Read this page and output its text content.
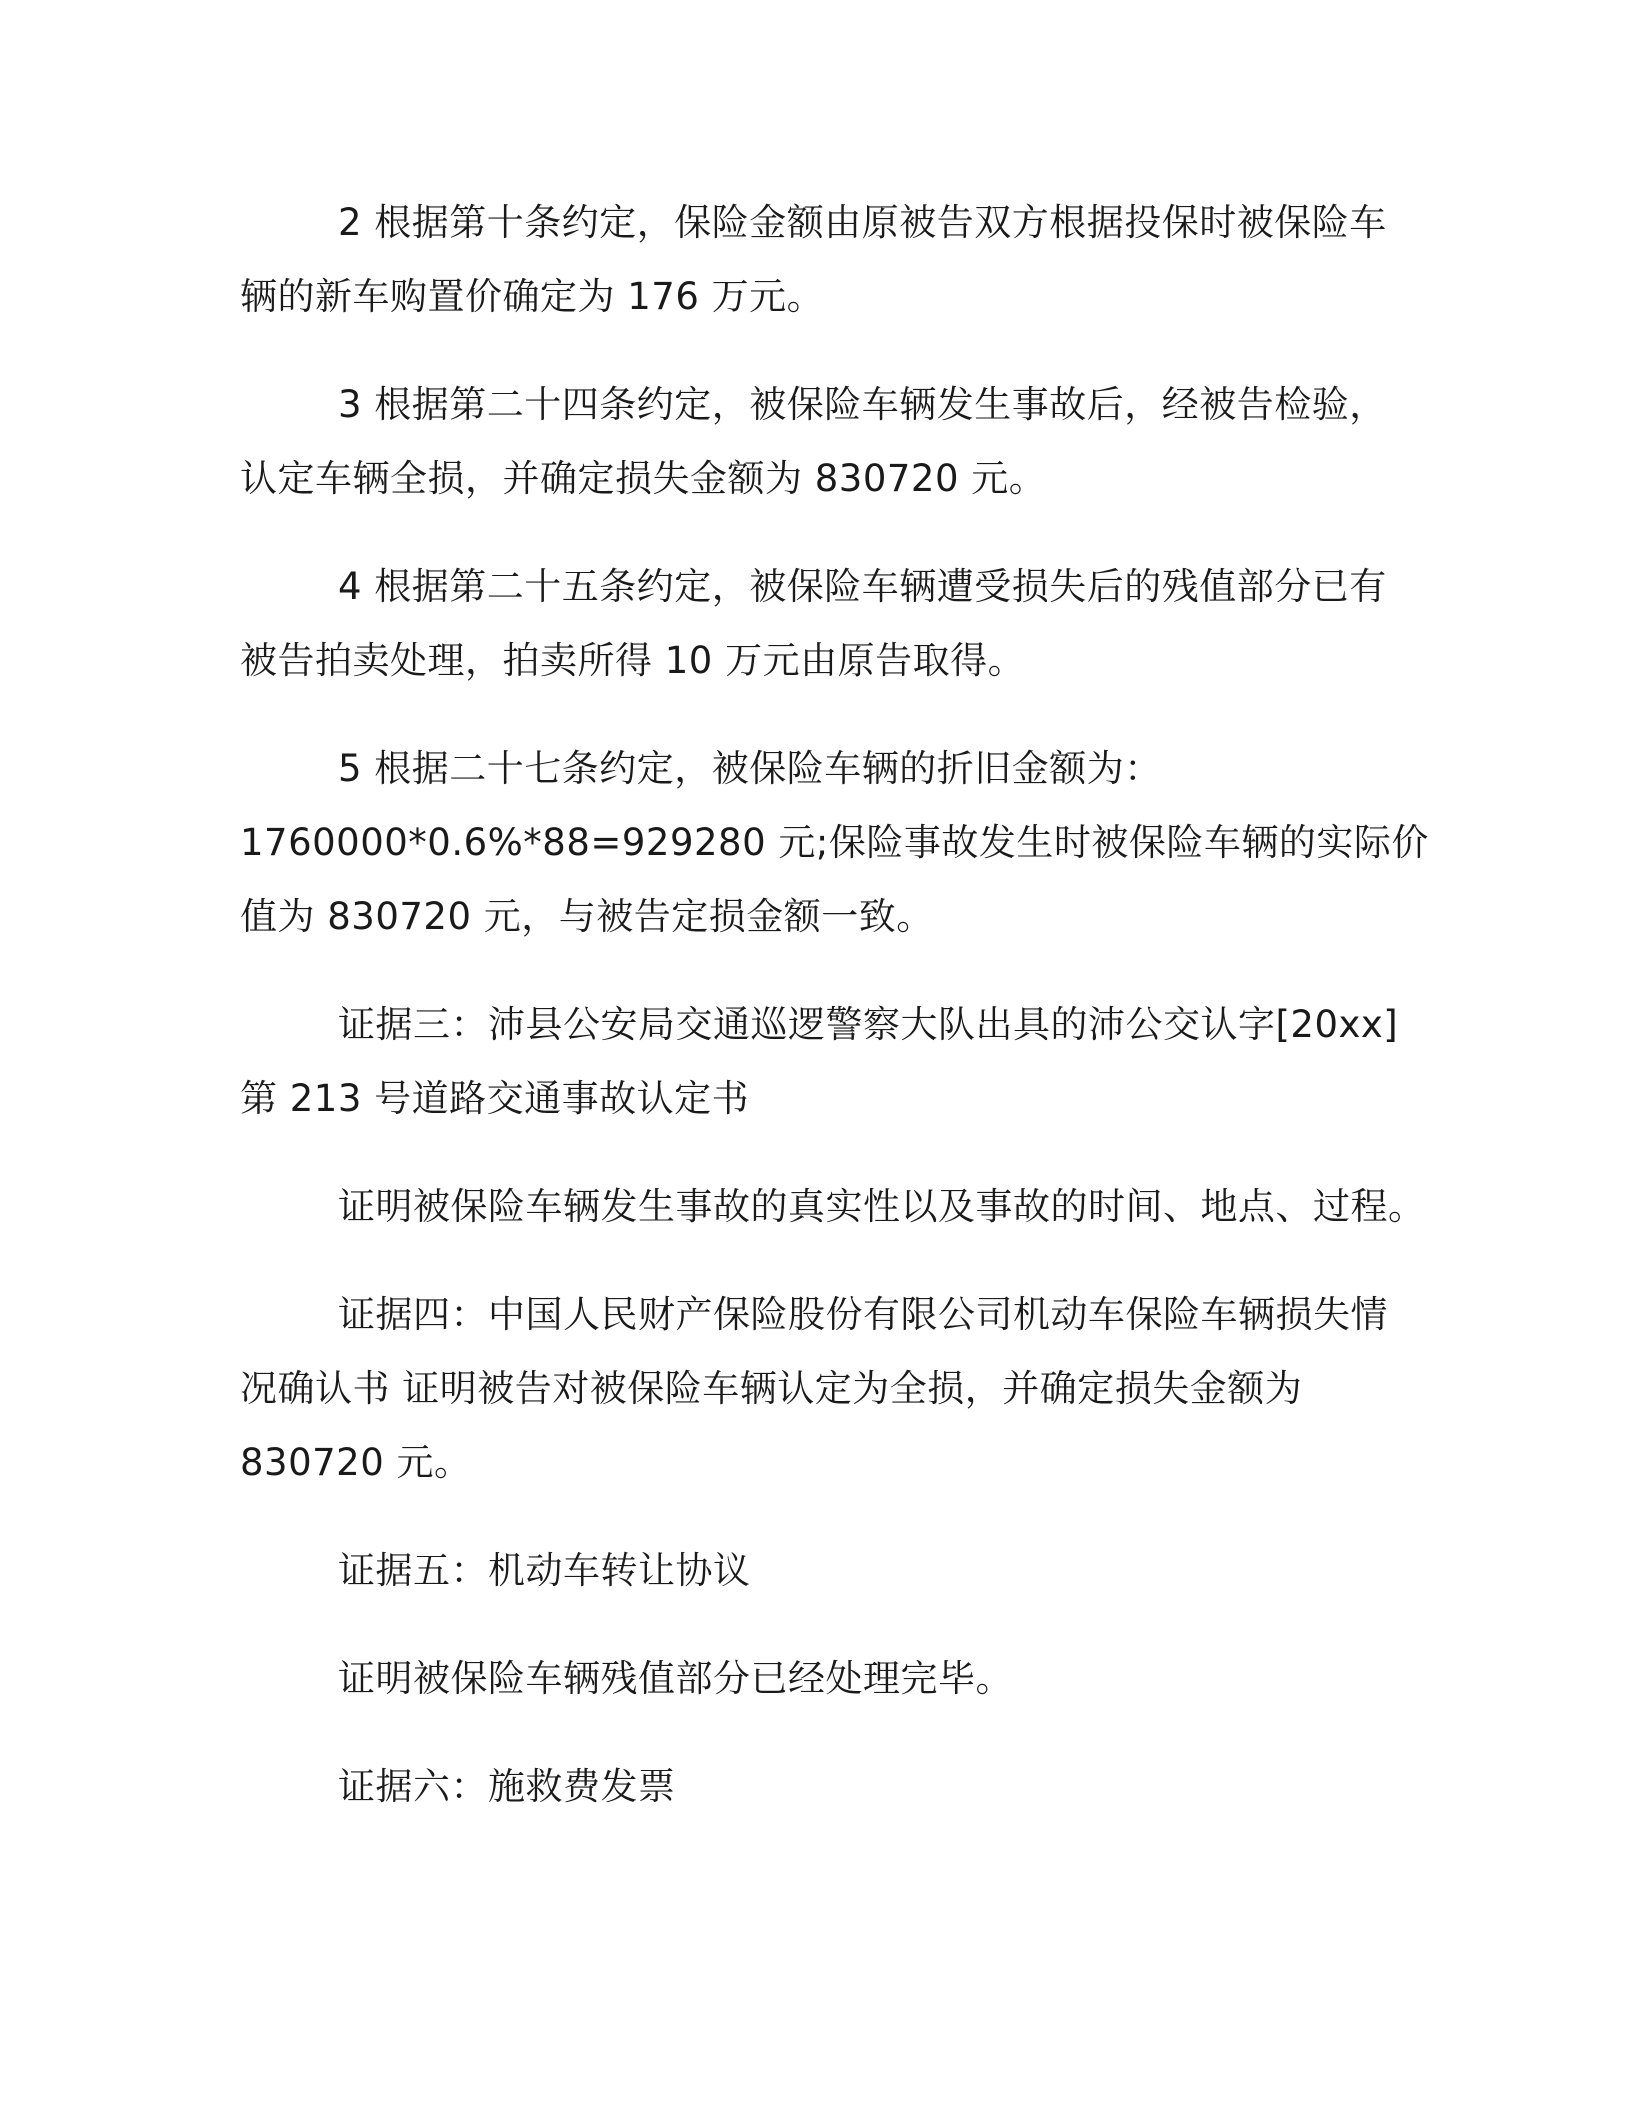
2 根据第十条约定，保险金额由原被告双方根据投保时被保险车
辆的新车购置价确定为 176 万元。

3 根据第二十四条约定，被保险车辆发生事故后，经被告检验，
认定车辆全损，并确定损失金额为 830720 元。

4 根据第二十五条约定，被保险车辆遭受损失后的残值部分已有
被告拍卖处理，拍卖所得 10 万元由原告取得。

5 根据二十七条约定，被保险车辆的折旧金额为：
1760000*0.6%*88=929280 元;保险事故发生时被保险车辆的实际价
值为 830720 元，与被告定损金额一致。

证据三：沛县公安局交通巡逻警察大队出具的沛公交认字[20xx]
第 213 号道路交通事故认定书

证明被保险车辆发生事故的真实性以及事故的时间、地点、过程。

证据四：中国人民财产保险股份有限公司机动车保险车辆损失情
况确认书 证明被告对被保险车辆认定为全损，并确定损失金额为
830720 元。

证据五：机动车转让协议

证明被保险车辆残值部分已经处理完毕。

证据六：施救费发票
